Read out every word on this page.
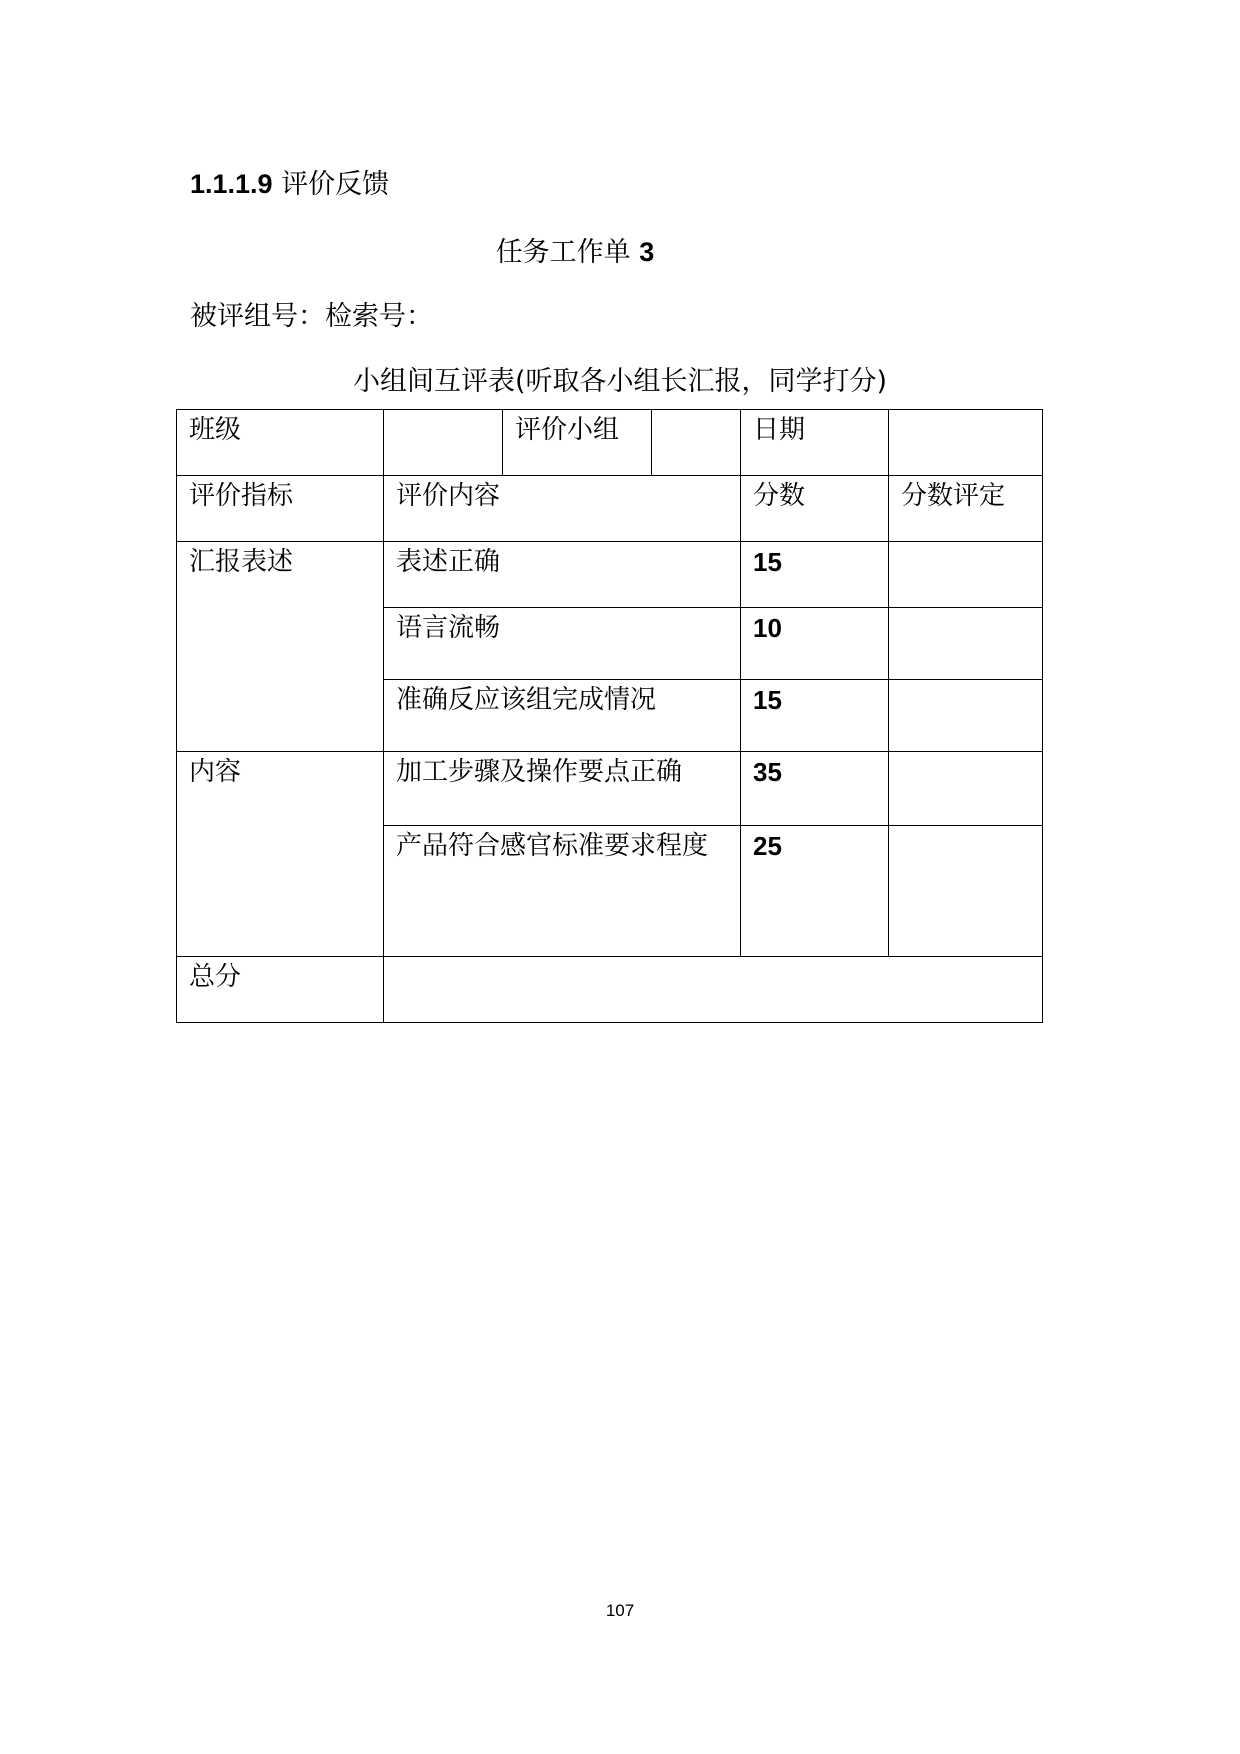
1.1.1.9 评价反馈
任务工作单 3
被评组号：检索号：
小组间互评表(听取各小组长汇报，同学打分)
班级		评价小组		日期	
评价指标	评价内容			分数	分数评定
汇报表述	表述正确			15	
	语言流畅			10	
	准确反应该组完成情况			15	
内容	加工步骤及操作要点正确			35	
	产品符合感官标准要求程度			25	
总分					
107
